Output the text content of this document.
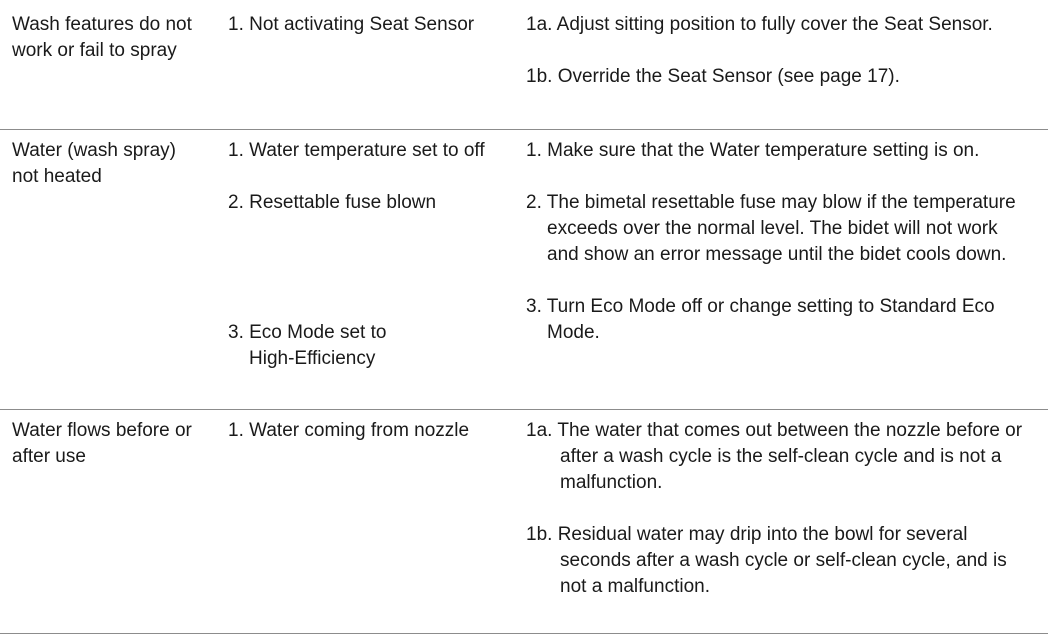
Wash features do not work or fail to spray
1. Not activating Seat Sensor	1a. Adjust sitting position to fully cover the Seat Sensor.
1b. Override the Seat Sensor (see page 17).
Water (wash spray) not heated
1. Water temperature set to off
2. Resettable fuse blown
3. Eco Mode set to High-Efficiency
1. Make sure that the Water temperature setting is on.
2. The bimetal resettable fuse may blow if the temperature exceeds over the normal level. The bidet will not work and show an error message until the bidet cools down.
3. Turn Eco Mode off or change setting to Standard Eco Mode.
Water flows before or after use
1. Water coming from nozzle	1a. The water that comes out between the nozzle before or after a wash cycle is the self-clean cycle and is not a malfunction.
1b. Residual water may drip into the bowl for several seconds after a wash cycle or self-clean cycle, and is not a malfunction.
